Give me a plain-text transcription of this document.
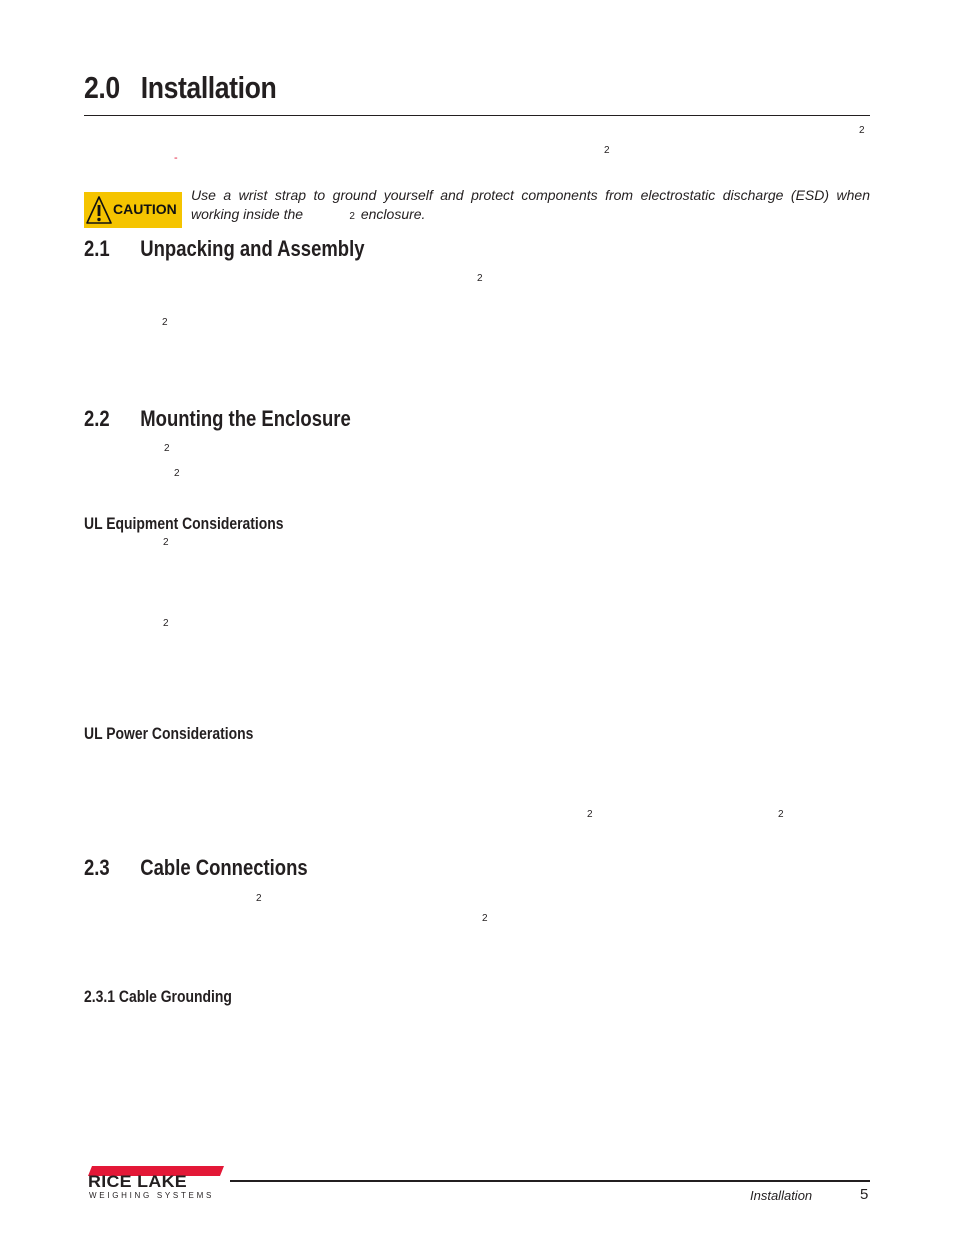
2.0 Installation
2
2
-
CAUTION
Use a wrist strap to ground yourself and protect components from electrostatic discharge (ESD) when working inside the	2 enclosure.
2.1 Unpacking and Assembly
2
2
2.2 Mounting the Enclosure
2
2
UL Equipment Considerations
2
2
UL Power Considerations
2	2
2.3 Cable Connections
2
2
2.3.1 Cable Grounding
RICE LAKE
WEIGHING SYSTEMS	Installation	5
